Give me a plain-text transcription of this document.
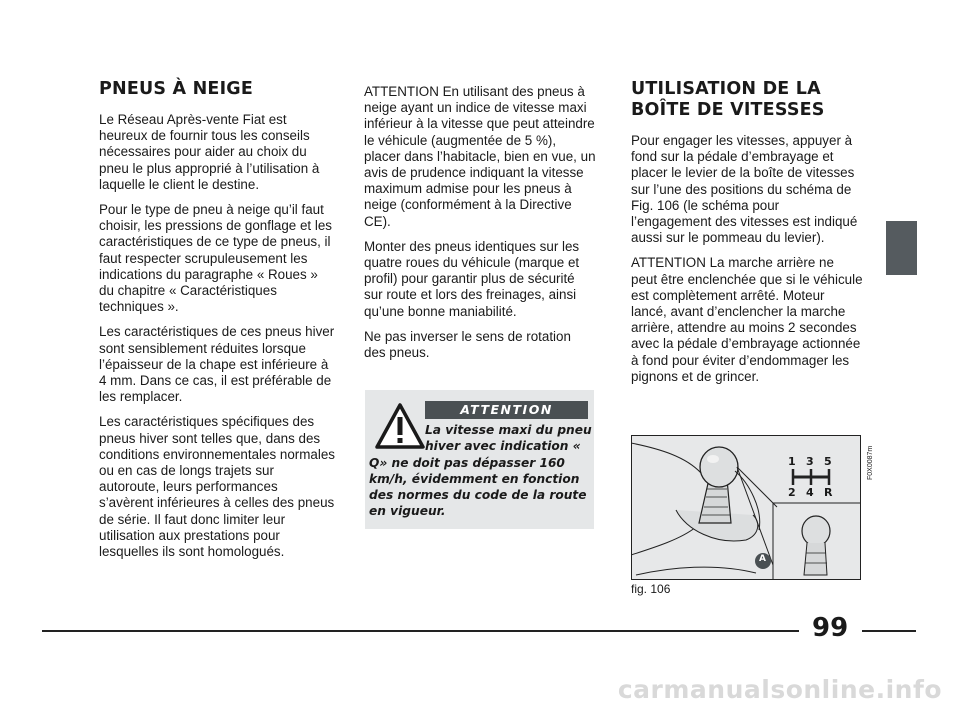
PNEUS À NEIGE

Le Réseau Après-vente Fiat est heureux de fournir tous les conseils nécessaires pour aider au choix du pneu le plus approprié à l’utilisation à laquelle le client le destine.

Pour le type de pneu à neige qu’il faut choisir, les pressions de gonflage et les caractéristiques de ce type de pneus, il faut respecter scrupuleusement les indications du paragraphe « Roues » du chapitre « Caractéristiques techniques ».

Les caractéristiques de ces pneus hiver sont sensiblement réduites lorsque l’épaisseur de la chape est inférieure à 4 mm. Dans ce cas, il est préférable de les remplacer.

Les caractéristiques spécifiques des pneus hiver sont telles que, dans des conditions environnementales normales ou en cas de longs trajets sur autoroute, leurs performances s’avèrent inférieures à celles des pneus de série. Il faut donc limiter leur utilisation aux prestations pour lesquelles ils sont homologués.

ATTENTION En utilisant des pneus à neige ayant un indice de vitesse maxi inférieur à la vitesse que peut atteindre le véhicule (augmentée de 5 %), placer dans l’habitacle, bien en vue, un avis de prudence indiquant la vitesse maximum admise pour les pneus à neige (conformément à la Directive CE).

Monter des pneus identiques sur les quatre roues du véhicule (marque et profil) pour garantir plus de sécurité sur route et lors des freinages, ainsi qu’une bonne maniabilité.

Ne pas inverser le sens de rotation des pneus.

ATTENTION
La vitesse maxi du pneu
hiver avec indication «
Q» ne doit pas dépasser 160 km/h, évidemment en fonction des normes du code de la route en vigueur.
UTILISATION DE LA
BOÎTE DE VITESSES

Pour engager les vitesses, appuyer à fond sur la pédale d’embrayage et placer le levier de la boîte de vitesses sur l’une des positions du schéma de Fig. 106 (le schéma pour l’engagement des vitesses est indiqué aussi sur le pommeau du levier).

ATTENTION La marche arrière ne peut être enclenchée que si le véhicule est complètement arrêté. Moteur lancé, avant d’enclencher la marche arrière, attendre au moins 2 secondes avec la pédale d’embrayage actionnée à fond pour éviter d’endommager les pignons et de grincer.

1 3 5
2 4 R
A
F0X0087m
fig. 106
99
carmanualsonline.info
